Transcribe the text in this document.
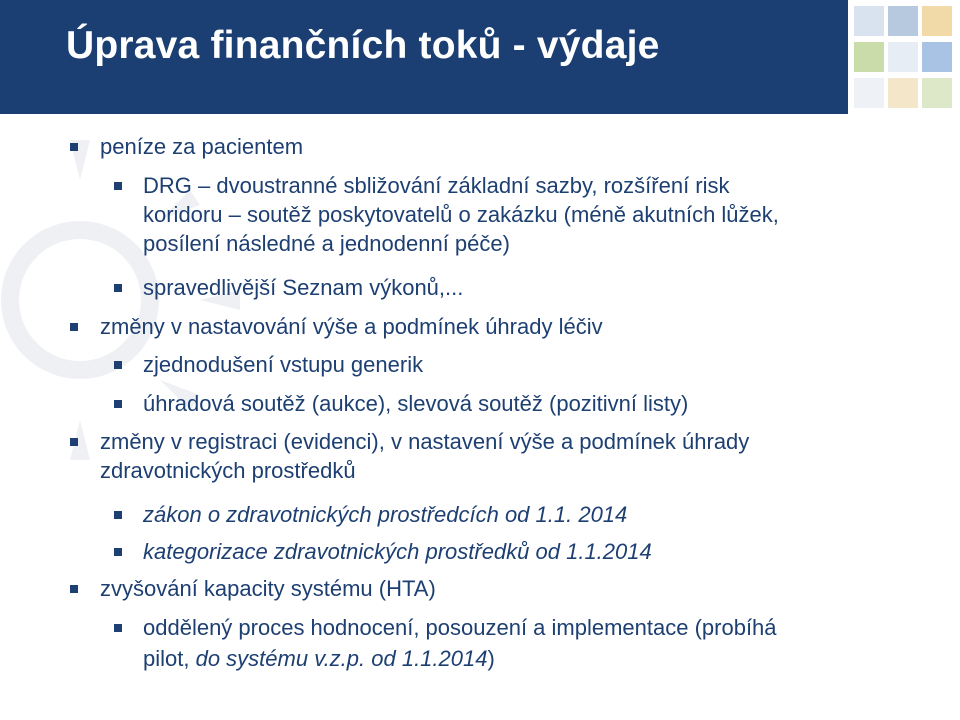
Úprava finančních toků - výdaje
peníze za pacientem
DRG – dvoustranné sbližování základní sazby, rozšíření risk
koridoru – soutěž poskytovatelů o zakázku (méně akutních lůžek,
posílení následné a jednodenní péče)
spravedlivější Seznam výkonů,...
změny v nastavování výše a podmínek úhrady léčiv
zjednodušení vstupu generik
úhradová soutěž (aukce), slevová soutěž (pozitivní listy)
změny v registraci (evidenci), v nastavení výše a podmínek úhrady
zdravotnických prostředků
zákon o zdravotnických prostředcích od 1.1. 2014
kategorizace zdravotnických prostředků od 1.1.2014
zvyšování kapacity systému (HTA)
oddělený proces hodnocení, posouzení a implementace (probíhá
pilot, do systému v.z.p. od 1.1.2014)
